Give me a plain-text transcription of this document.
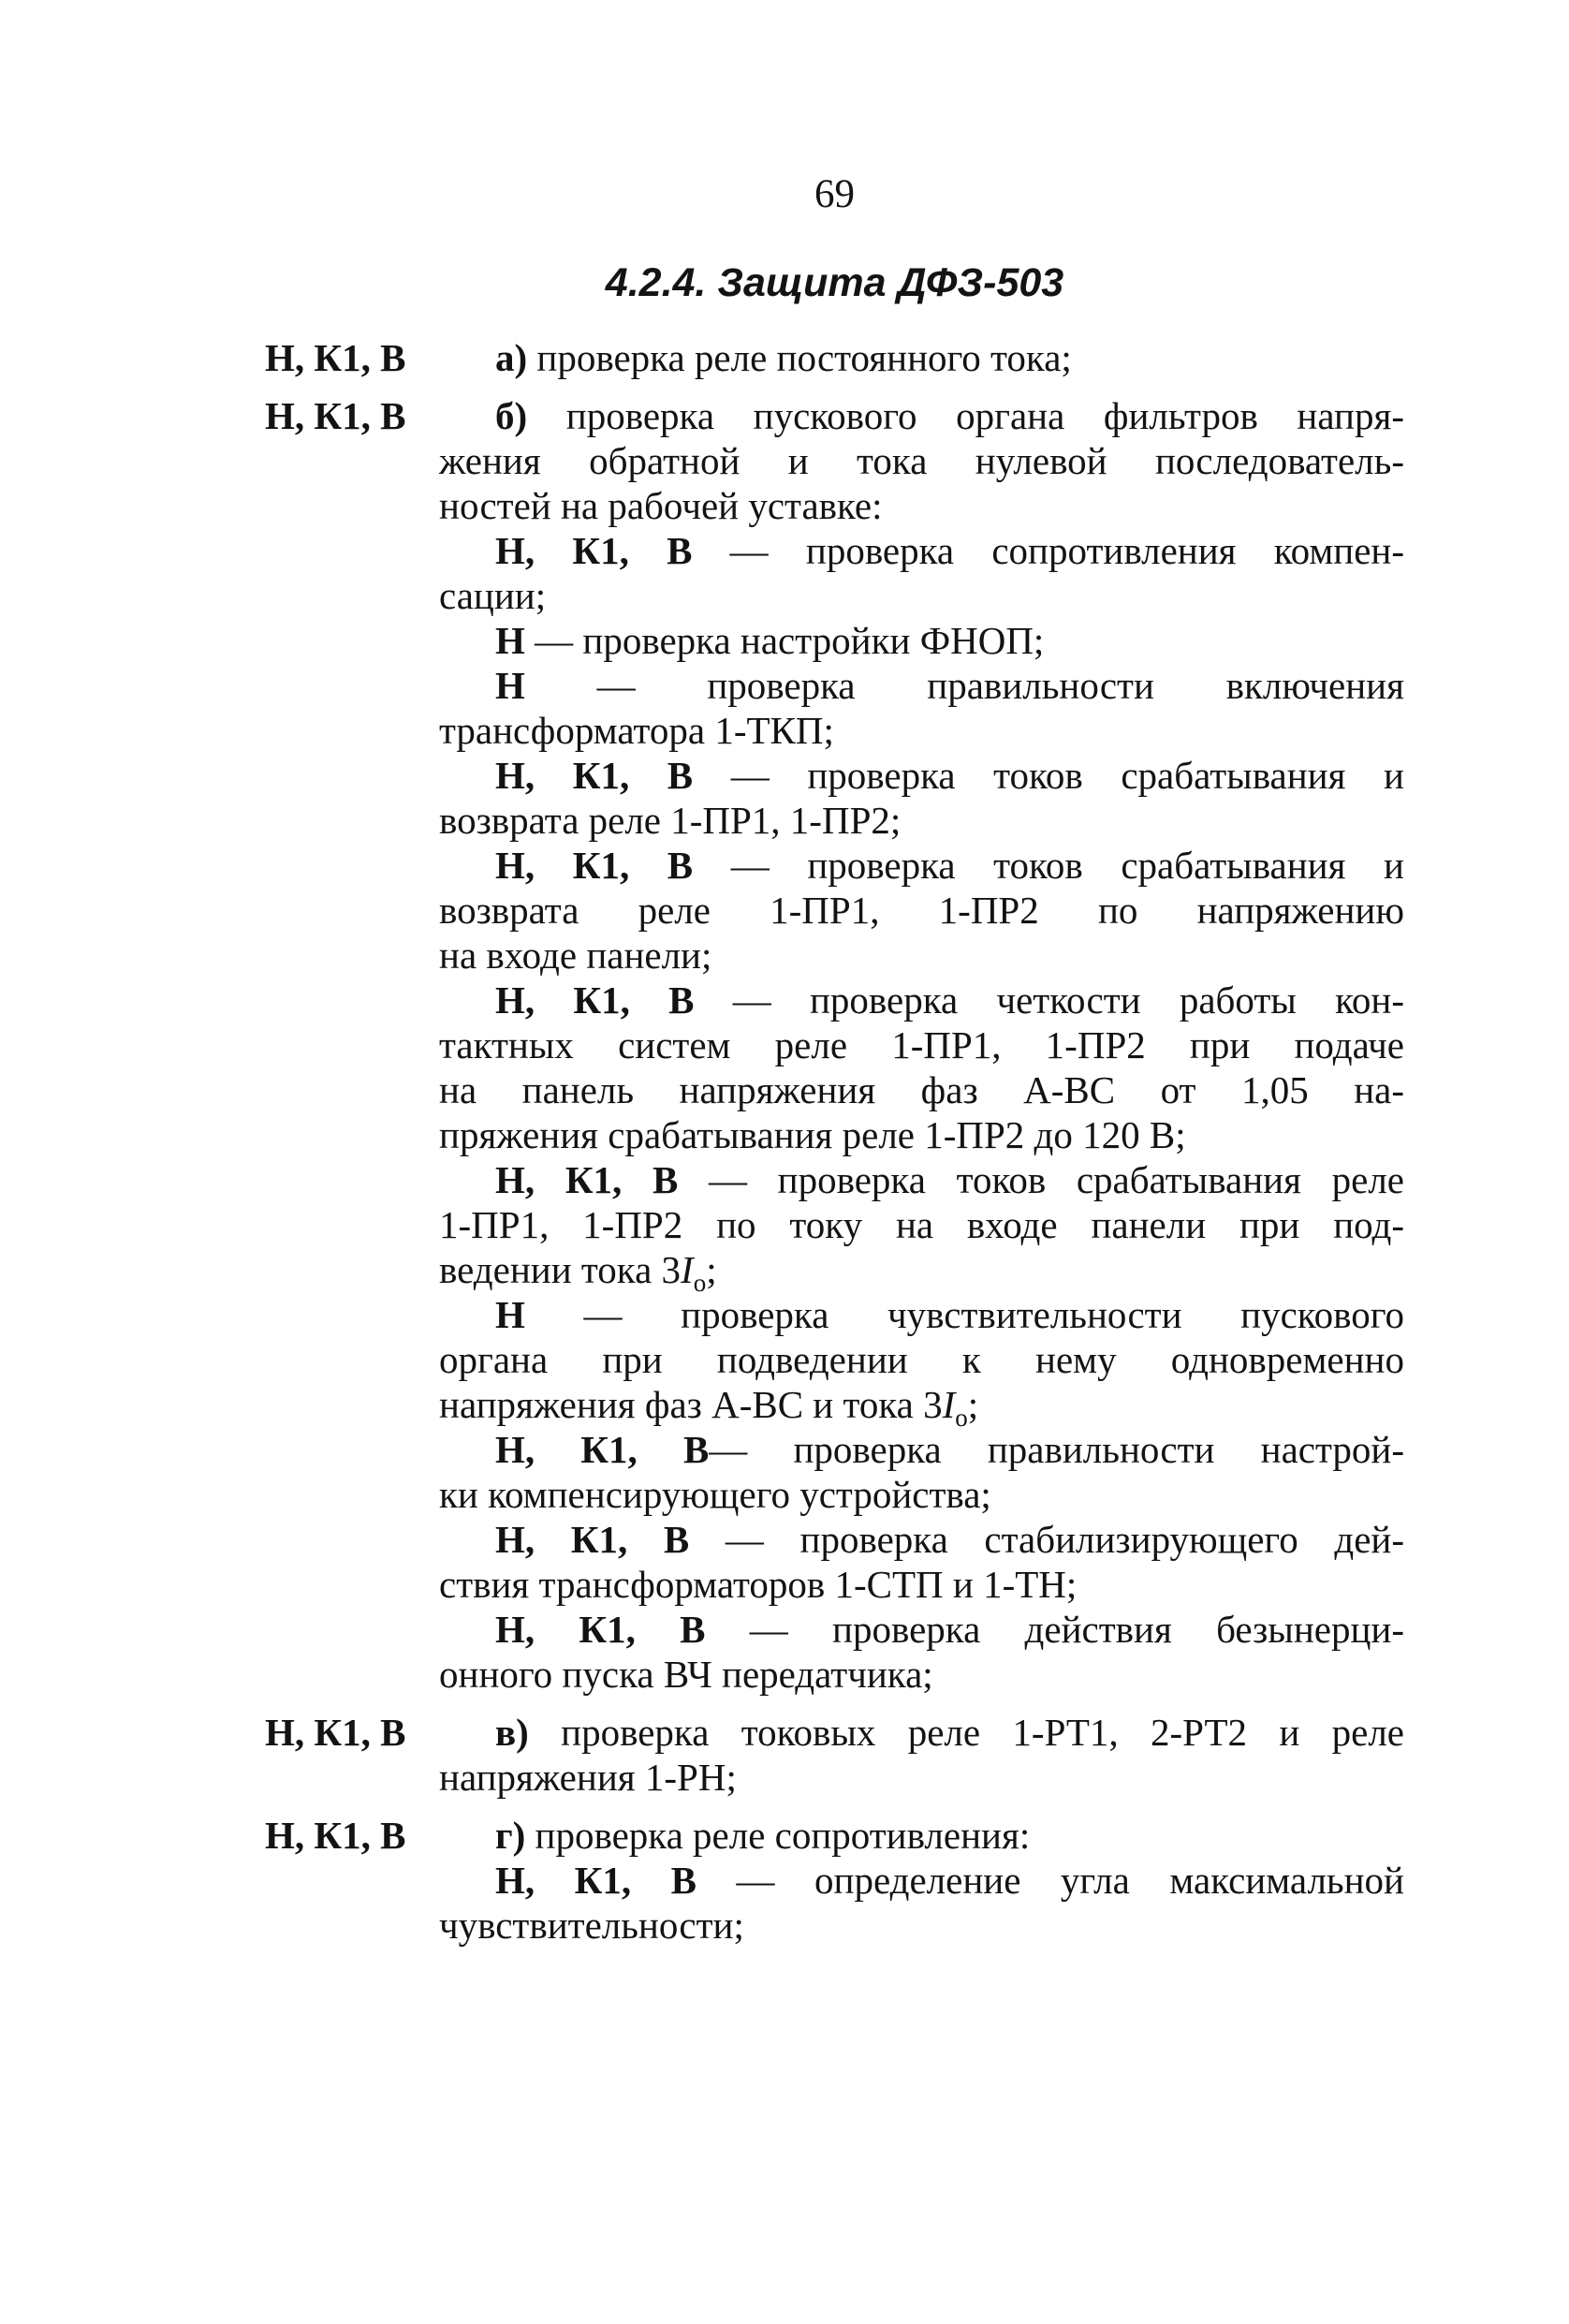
69
4.2.4. Защита ДФЗ-503
Н, К1, В	а) проверка реле постоянного тока;
Н, К1, В	б) проверка пускового органа фильтров напря-
жения обратной и тока нулевой последователь-
ностей на рабочей уставке:
Н, К1, В — проверка сопротивления компен-
сации;
Н — проверка настройки ФНОП;
Н — проверка правильности включения
трансформатора 1-ТКП;
Н, К1, В — проверка токов срабатывания и
возврата реле 1-ПР1, 1-ПР2;
Н, К1, В — проверка токов срабатывания и
возврата реле 1-ПР1, 1-ПР2 по напряжению
на входе панели;
Н, К1, В — проверка четкости работы кон-
тактных систем реле 1-ПР1, 1-ПР2 при подаче
на панель напряжения фаз А-ВС от 1,05 на-
пряжения срабатывания реле 1-ПР2 до 120 В;
Н, К1, В — проверка токов срабатывания реле
1-ПР1, 1-ПР2 по току на входе панели при под-
ведении тока $3I_о$;
Н — проверка чувствительности пускового
органа при подведении к нему одновременно
напряжения фаз А-ВС и тока $3I_о$;
Н, К1, В— проверка правильности настрой-
ки компенсирующего устройства;
Н, К1, В — проверка стабилизирующего дей-
ствия трансформаторов 1-СТП и 1-ТН;
Н, К1, В — проверка действия безынерци-
онного пуска ВЧ передатчика;
Н, К1, В	в) проверка токовых реле 1-РТ1, 2-РТ2 и реле
напряжения 1-РН;
Н, К1, В	г) проверка реле сопротивления:
Н, К1, В — определение угла максимальной
чувствительности;
